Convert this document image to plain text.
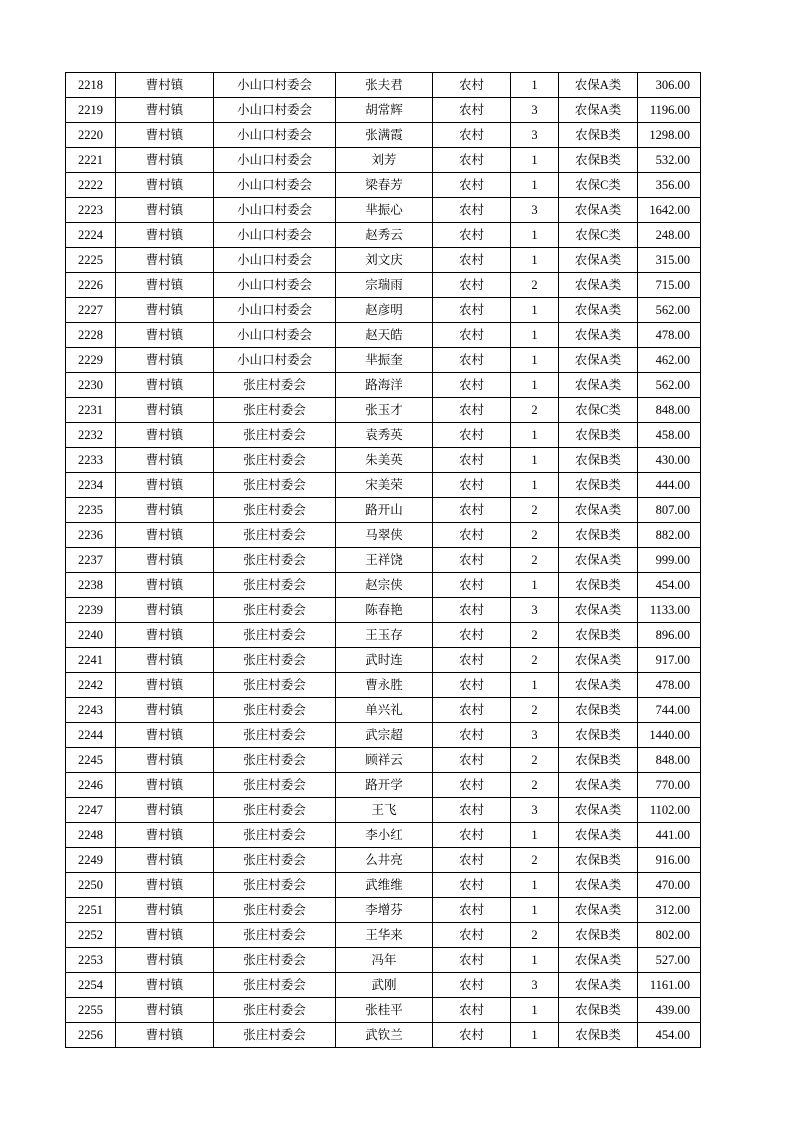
2218	曹村镇	小山口村委会	张夫君	农村	1	农保A类	306.00
2219	曹村镇	小山口村委会	胡常辉	农村	3	农保A类	1196.00
2220	曹村镇	小山口村委会	张满霞	农村	3	农保B类	1298.00
2221	曹村镇	小山口村委会	刘芳	农村	1	农保B类	532.00
2222	曹村镇	小山口村委会	梁春芳	农村	1	农保C类	356.00
2223	曹村镇	小山口村委会	芈振心	农村	3	农保A类	1642.00
2224	曹村镇	小山口村委会	赵秀云	农村	1	农保C类	248.00
2225	曹村镇	小山口村委会	刘文庆	农村	1	农保A类	315.00
2226	曹村镇	小山口村委会	宗瑞雨	农村	2	农保A类	715.00
2227	曹村镇	小山口村委会	赵彦明	农村	1	农保A类	562.00
2228	曹村镇	小山口村委会	赵天皓	农村	1	农保A类	478.00
2229	曹村镇	小山口村委会	芈振奎	农村	1	农保A类	462.00
2230	曹村镇	张庄村委会	路海洋	农村	1	农保A类	562.00
2231	曹村镇	张庄村委会	张玉才	农村	2	农保C类	848.00
2232	曹村镇	张庄村委会	袁秀英	农村	1	农保B类	458.00
2233	曹村镇	张庄村委会	朱美英	农村	1	农保B类	430.00
2234	曹村镇	张庄村委会	宋美荣	农村	1	农保B类	444.00
2235	曹村镇	张庄村委会	路开山	农村	2	农保A类	807.00
2236	曹村镇	张庄村委会	马翠侠	农村	2	农保B类	882.00
2237	曹村镇	张庄村委会	王祥饶	农村	2	农保A类	999.00
2238	曹村镇	张庄村委会	赵宗侠	农村	1	农保B类	454.00
2239	曹村镇	张庄村委会	陈春艳	农村	3	农保A类	1133.00
2240	曹村镇	张庄村委会	王玉存	农村	2	农保B类	896.00
2241	曹村镇	张庄村委会	武时连	农村	2	农保A类	917.00
2242	曹村镇	张庄村委会	曹永胜	农村	1	农保A类	478.00
2243	曹村镇	张庄村委会	单兴礼	农村	2	农保B类	744.00
2244	曹村镇	张庄村委会	武宗超	农村	3	农保B类	1440.00
2245	曹村镇	张庄村委会	顾祥云	农村	2	农保B类	848.00
2246	曹村镇	张庄村委会	路开学	农村	2	农保A类	770.00
2247	曹村镇	张庄村委会	王飞	农村	3	农保A类	1102.00
2248	曹村镇	张庄村委会	李小红	农村	1	农保A类	441.00
2249	曹村镇	张庄村委会	么井亮	农村	2	农保B类	916.00
2250	曹村镇	张庄村委会	武维维	农村	1	农保A类	470.00
2251	曹村镇	张庄村委会	李增芬	农村	1	农保A类	312.00
2252	曹村镇	张庄村委会	王华来	农村	2	农保B类	802.00
2253	曹村镇	张庄村委会	冯年	农村	1	农保A类	527.00
2254	曹村镇	张庄村委会	武刚	农村	3	农保A类	1161.00
2255	曹村镇	张庄村委会	张桂平	农村	1	农保B类	439.00
2256	曹村镇	张庄村委会	武钦兰	农村	1	农保B类	454.00
